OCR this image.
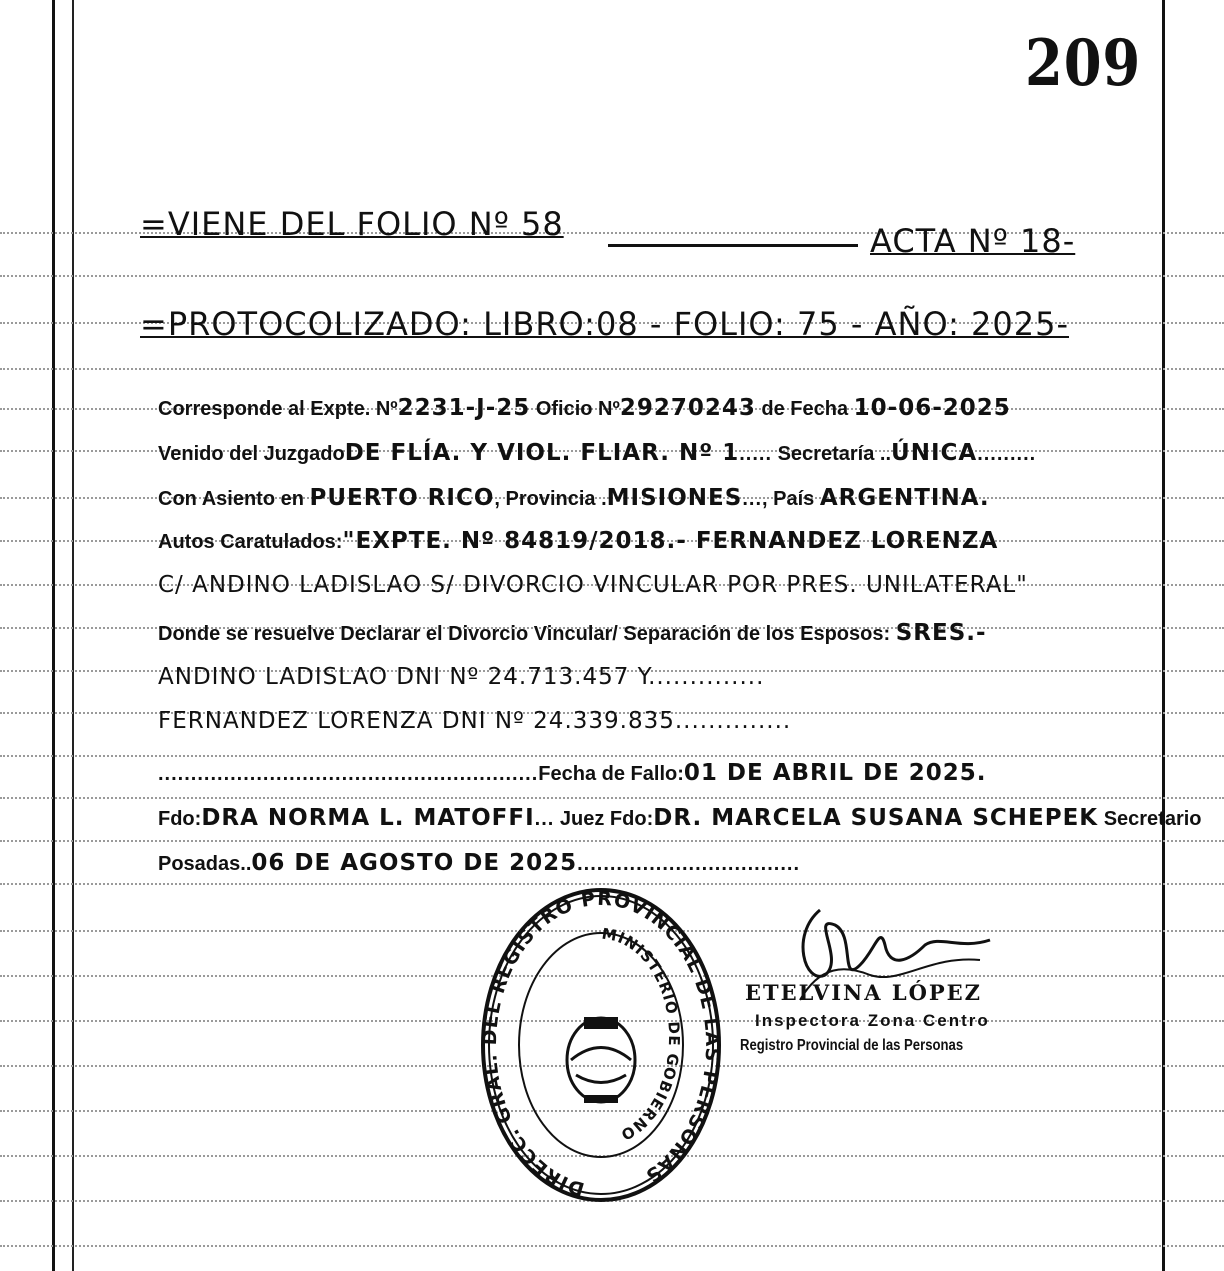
209
=VIENE DEL FOLIO Nº 58	ACTA Nº 18-
=PROTOCOLIZADO: LIBRO:08 - FOLIO: 75 - AÑO: 2025-
Corresponde al Expte. Nº2231-J-25 Oficio Nº29270243 de Fecha 10-06-2025
Venido del JuzgadoDE FLÍA. Y VIOL. FLIAR. Nº 1..... Secretaría ..ÚNICA.........
Con Asiento en PUERTO RICO, Provincia .MISIONES..., País ARGENTINA.
Autos Caratulados:"EXPTE. Nº 84819/2018.- FERNANDEZ LORENZA
C/ ANDINO LADISLAO S/ DIVORCIO VINCULAR POR PRES. UNILATERAL"
Donde se resuelve Declarar el Divorcio Vincular/ Separación de los Esposos: SRES.-
ANDINO LADISLAO DNI Nº 24.713.457 Y..............
FERNANDEZ LORENZA DNI Nº 24.339.835..............
..........................................................Fecha de Fallo:01 DE ABRIL DE 2025.
Fdo:DRA NORMA L. MATOFFI... Juez Fdo:DR. MARCELA SUSANA SCHEPEK Secretario
Posadas..06 DE AGOSTO DE 2025..................................
DIRECC. GRAL. DEL REGISTRO PROVINCIAL DE LAS PERSONAS
MINISTERIO DE GOBIERNO
ETELVINA LÓPEZ
Inspectora Zona Centro
Registro Provincial de las Personas
